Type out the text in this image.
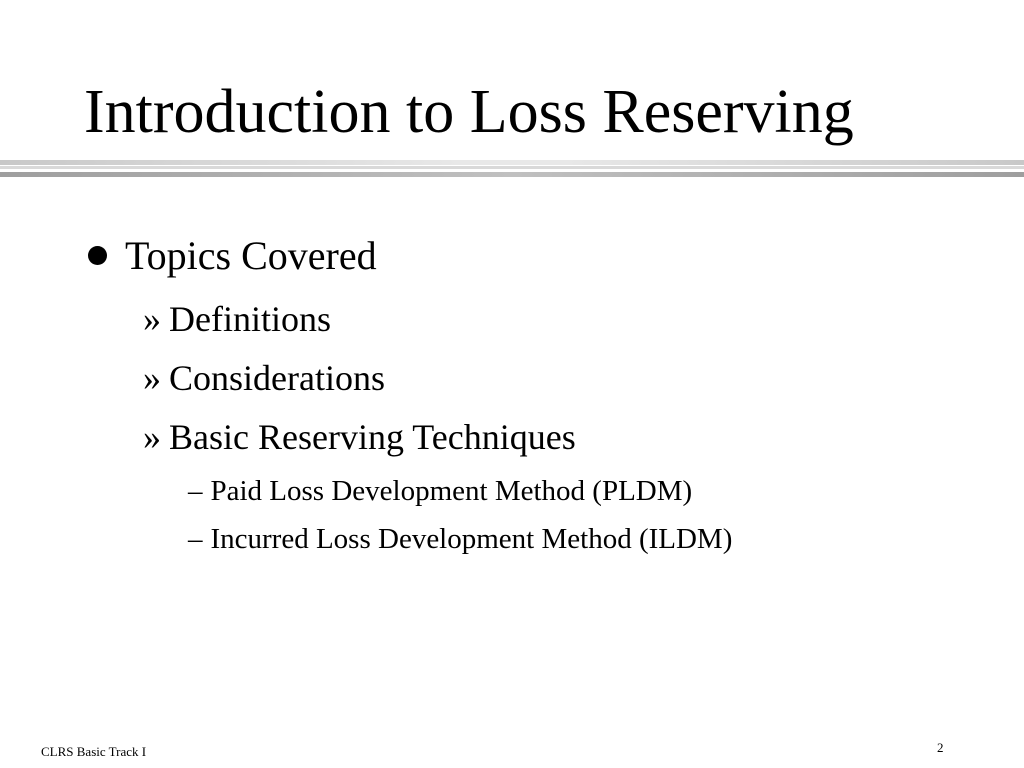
Introduction to Loss Reserving
Topics Covered
» Definitions
» Considerations
» Basic Reserving Techniques
– Paid Loss Development Method (PLDM)
– Incurred Loss Development Method (ILDM)
CLRS Basic Track I	2
